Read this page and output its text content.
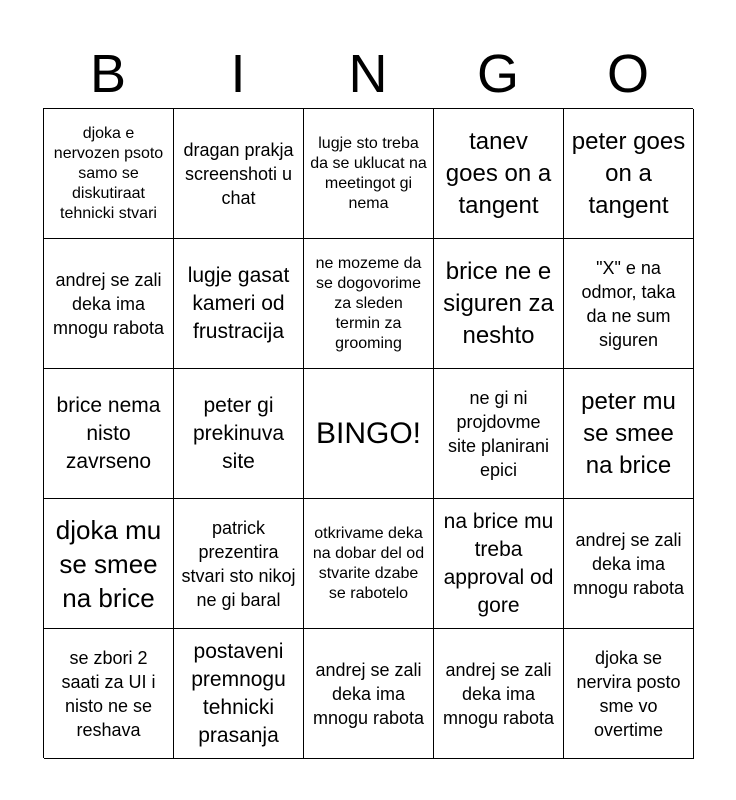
B	I	N	G	O
djoka e nervozen psoto samo se diskutiraat tehnicki stvari
dragan prakja screenshoti u chat
lugje sto treba da se uklucat na meetingot gi nema
tanev goes on a tangent
peter goes on a tangent
andrej se zali deka ima mnogu rabota
lugje gasat kameri od frustracija
ne mozeme da se dogovorime za sleden termin za grooming
brice ne e siguren za neshto
"X" e na odmor, taka da ne sum siguren
brice nema nisto zavrseno
peter gi prekinuva site
BINGO!
ne gi ni projdovme site planirani epici
peter mu se smee na brice
djoka mu se smee na brice
patrick prezentira stvari sto nikoj ne gi baral
otkrivame deka na dobar del od stvarite dzabe se rabotelo
na brice mu treba approval od gore
andrej se zali deka ima mnogu rabota
se zbori 2 saati za UI i nisto ne se reshava
postaveni premnogu tehnicki prasanja
andrej se zali deka ima mnogu rabota
andrej se zali deka ima mnogu rabota
djoka se nervira posto sme vo overtime
